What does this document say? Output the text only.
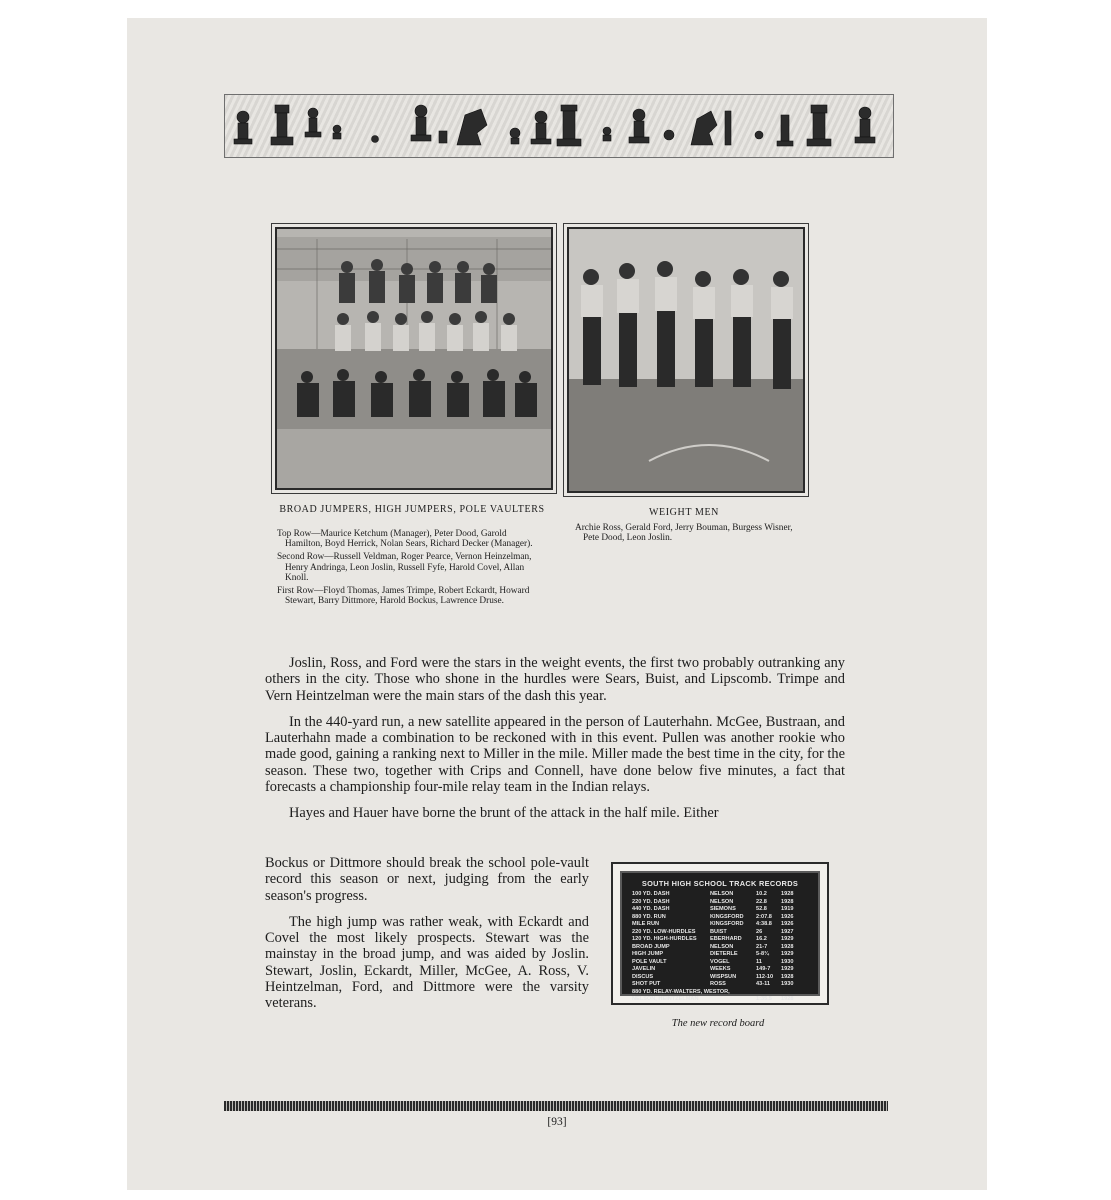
BROAD JUMPERS, HIGH JUMPERS, POLE VAULTERS

Top Row—Maurice Ketchum (Manager), Peter Dood, Garold Hamilton, Boyd Herrick, Nolan Sears, Richard Decker (Manager).

Second Row—Russell Veldman, Roger Pearce, Vernon Heinzelman, Henry Andringa, Leon Joslin, Russell Fyfe, Harold Covel, Allan Knoll.

First Row—Floyd Thomas, James Trimpe, Robert Eckardt, Howard Stewart, Barry Dittmore, Harold Bockus, Lawrence Druse.

WEIGHT MEN

Archie Ross, Gerald Ford, Jerry Bouman, Burgess Wisner, Pete Dood, Leon Joslin.

Joslin, Ross, and Ford were the stars in the weight events, the first two probably outranking any others in the city. Those who shone in the hurdles were Sears, Buist, and Lipscomb. Trimpe and Vern Heintzelman were the main stars of the dash this year.

In the 440-yard run, a new satellite appeared in the person of Lauterhahn. McGee, Bustraan, and Lauterhahn made a combination to be reckoned with in this event. Pullen was another rookie who made good, gaining a ranking next to Miller in the mile. Miller made the best time in the city, for the season. These two, together with Crips and Connell, have done below five minutes, a fact that forecasts a championship four-mile relay team in the Indian relays.

Hayes and Hauer have borne the brunt of the attack in the half mile. Either

Bockus or Dittmore should break the school pole-vault record this season or next, judging from the early season's progress.

The high jump was rather weak, with Eckardt and Covel the most likely prospects. Stewart was the mainstay in the broad jump, and was aided by Joslin. Stewart, Joslin, Eckardt, Miller, McGee, A. Ross, V. Heintzelman, Ford, and Dittmore were the varsity veterans.

SOUTH HIGH SCHOOL TRACK RECORDS
100 YD. DASH	NELSON	10.2	1928
220 YD. DASH	NELSON	22.8	1928
440 YD. DASH	SIEMONS	52.8	1919
880 YD. RUN	KINGSFORD	2:07.8	1926
MILE RUN	KINGSFORD	4:38.8	1926
220 YD. LOW-HURDLES	BUIST	26	1927
120 YD. HIGH-HURDLES	EBERHARD	16.2	1929
BROAD JUMP	NELSON	21-7	1928
HIGH JUMP	DIETERLE	5-8¾	1929
POLE VAULT	VOGEL	11	1930
JAVELIN	WEEKS	149-7	1929
DISCUS	WISPSUN	112-10	1928
SHOT PUT	ROSS	43-11	1930
880 YD. RELAY-WALTERS, WESTOR,
NELSON, HEINTZELMAN	1:35.5	1928
The new record board
[93]
